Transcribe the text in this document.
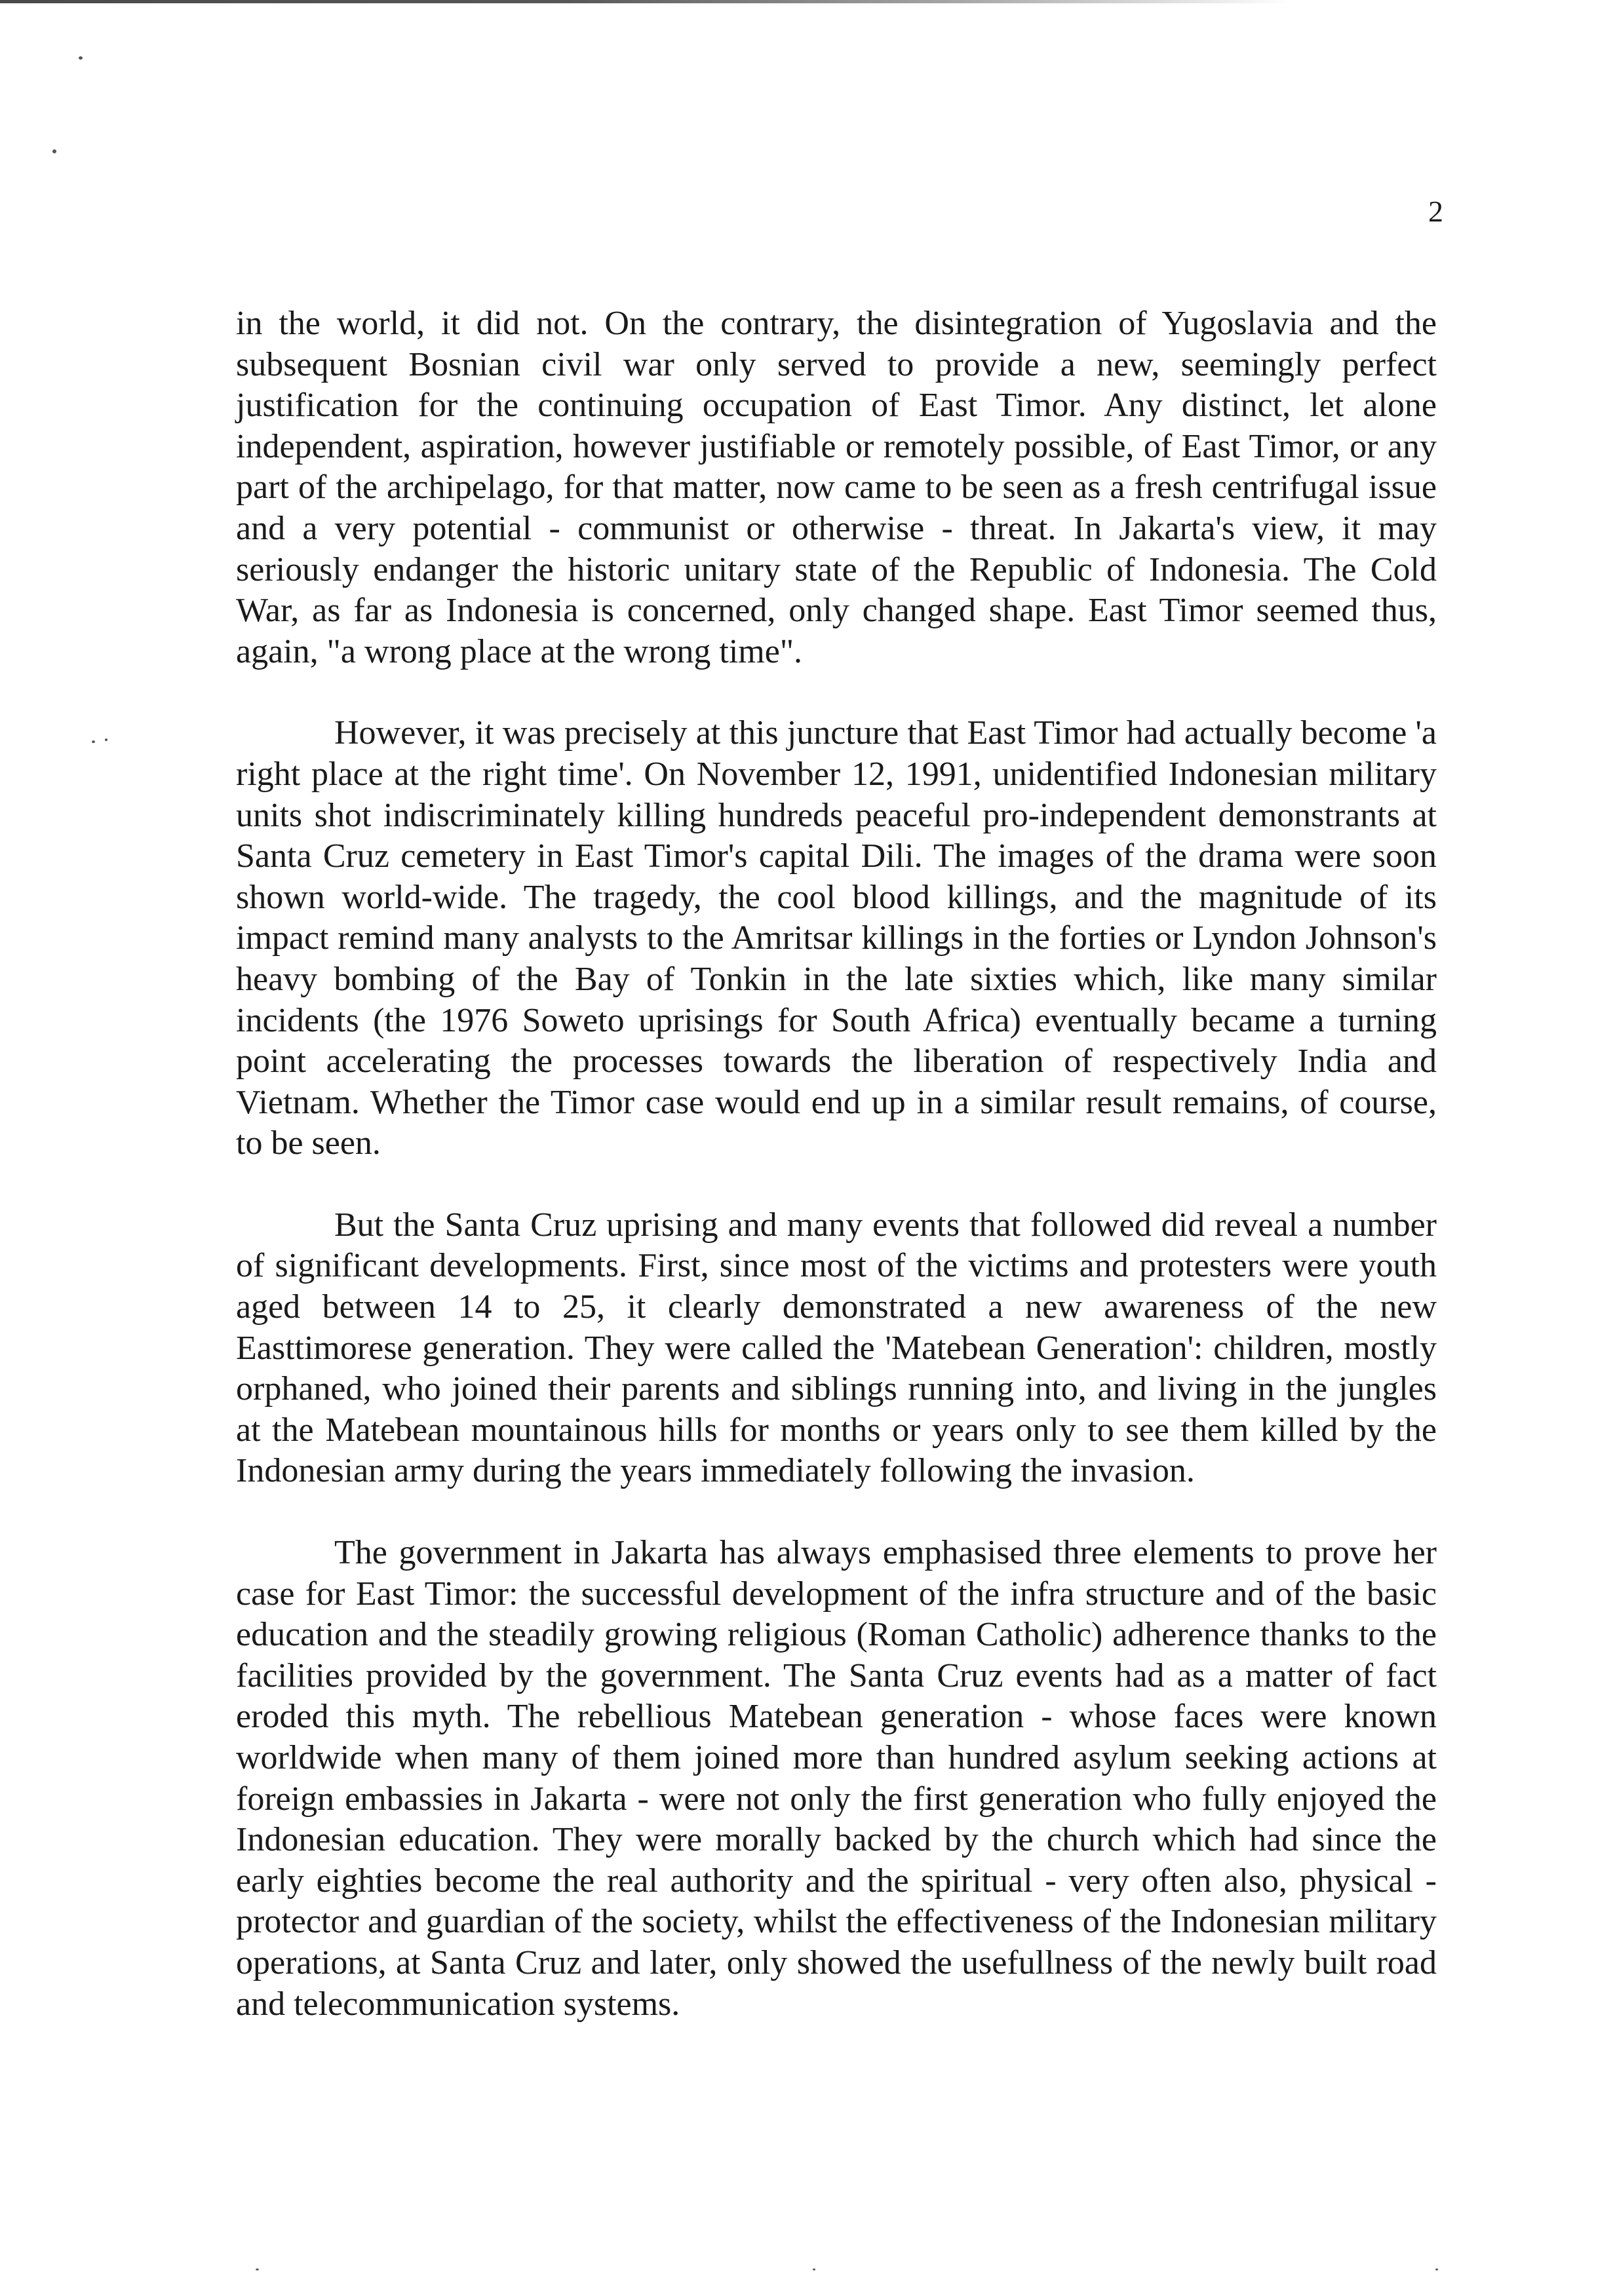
2

in the world, it did not. On the contrary, the disintegration of Yugoslavia and the subsequent Bosnian civil war only served to provide a new, seemingly perfect justification for the continuing occupation of East Timor. Any distinct, let alone independent, aspiration, however justifiable or remotely possible, of East Timor, or any part of the archipelago, for that matter, now came to be seen as a fresh centrifugal issue and a very potential - communist or otherwise - threat. In Jakarta's view, it may seriously endanger the historic unitary state of the Republic of Indonesia. The Cold War, as far as Indonesia is concerned, only changed shape. East Timor seemed thus, again, "a wrong place at the wrong time".

However, it was precisely at this juncture that East Timor had actually become 'a right place at the right time'. On November 12, 1991, unidentified Indonesian military units shot indiscriminately killing hundreds peaceful pro-independent demonstrants at Santa Cruz cemetery in East Timor's capital Dili. The images of the drama were soon shown world-wide. The tragedy, the cool blood killings, and the magnitude of its impact remind many analysts to the Amritsar killings in the forties or Lyndon Johnson's heavy bombing of the Bay of Tonkin in the late sixties which, like many similar incidents (the 1976 Soweto uprisings for South Africa) eventually became a turning point accelerating the processes towards the liberation of respectively India and Vietnam. Whether the Timor case would end up in a similar result remains, of course, to be seen.

But the Santa Cruz uprising and many events that followed did reveal a number of significant developments. First, since most of the victims and protesters were youth aged between 14 to 25, it clearly demonstrated a new awareness of the new Easttimorese generation. They were called the 'Matebean Generation': children, mostly orphaned, who joined their parents and siblings running into, and living in the jungles at the Matebean mountainous hills for months or years only to see them killed by the Indonesian army during the years immediately following the invasion.

The government in Jakarta has always emphasised three elements to prove her case for East Timor: the successful development of the infra structure and of the basic education and the steadily growing religious (Roman Catholic) adherence thanks to the facilities provided by the government. The Santa Cruz events had as a matter of fact eroded this myth. The rebellious Matebean generation - whose faces were known worldwide when many of them joined more than hundred asylum seeking actions at foreign embassies in Jakarta - were not only the first generation who fully enjoyed the Indonesian education. They were morally backed by the church which had since the early eighties become the real authority and the spiritual - very often also, physical - protector and guardian of the society, whilst the effectiveness of the Indonesian military operations, at Santa Cruz and later, only showed the usefullness of the newly built road and telecommunication systems.
